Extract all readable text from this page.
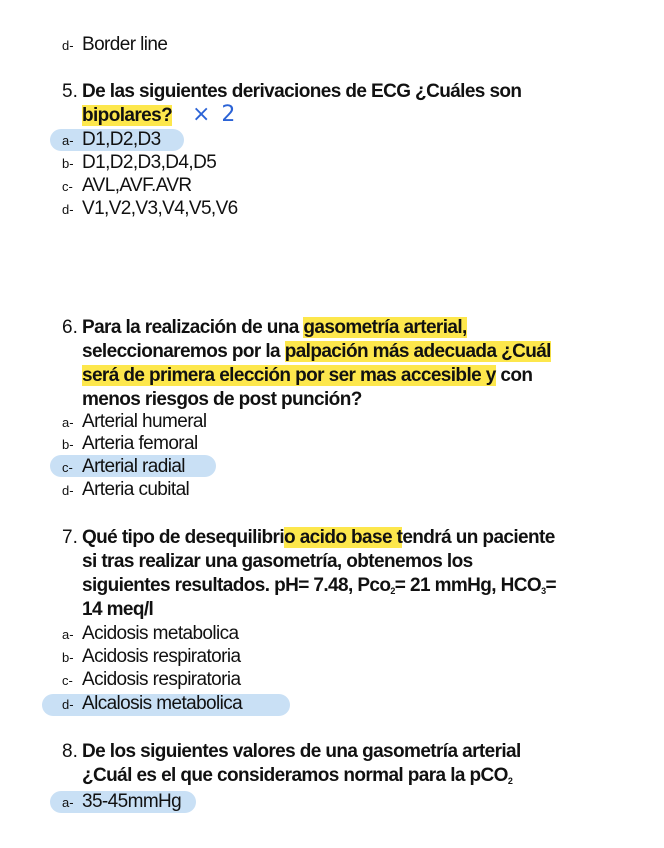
d- Border line
5. De las siguientes derivaciones de ECG ¿Cuáles son
bipolares? × 2
a- D1,D2,D3
b- D1,D2,D3,D4,D5
c- AVL,AVF.AVR
d- V1,V2,V3,V4,V5,V6
6. Para la realización de una gasometría arterial,
seleccionaremos por la palpación más adecuada ¿Cuál
será de primera elección por ser mas accesible y con
menos riesgos de post punción?
a- Arterial humeral
b- Arteria femoral
c- Arterial radial
d- Arteria cubital
7. Qué tipo de desequilibrio acido base tendrá un paciente
si tras realizar una gasometría, obtenemos los
siguientes resultados. pH= 7.48, Pco$_2$= 21 mmHg, $HCO_3=$
14 meq/l
a- Acidosis metabolica
b- Acidosis respiratoria
c- Acidosis respiratoria
d- Alcalosis metabolica
8. De los siguientes valores de una gasometría arterial
¿Cuál es el que consideramos normal para la pCO$_2$
a- 35-45mmHg
